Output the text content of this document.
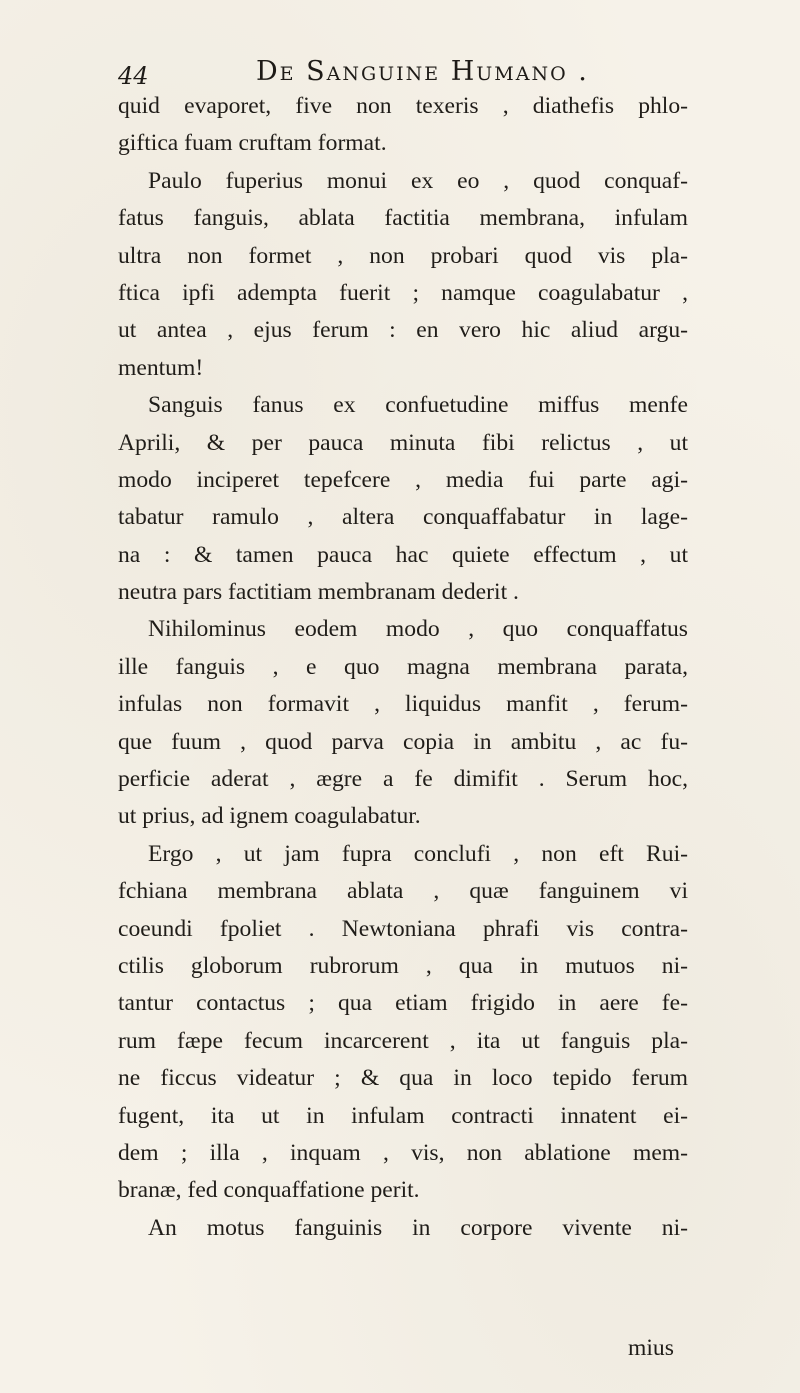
44	De Sanguine Humano .
quid evaporet, five non texeris , diathefis phlo-
giftica fuam cruftam format.
Paulo fuperius monui ex eo , quod conquaf-
fatus fanguis, ablata factitia membrana, infulam
ultra non formet , non probari quod vis pla-
ftica ipfi adempta fuerit ; namque coagulabatur ,
ut antea , ejus ferum : en vero hic aliud argu-
mentum!
Sanguis fanus ex confuetudine miffus menfe
Aprili, & per pauca minuta fibi relictus , ut
modo inciperet tepefcere , media fui parte agi-
tabatur ramulo , altera conquaffabatur in lage-
na : & tamen pauca hac quiete effectum , ut
neutra pars factitiam membranam dederit .
Nihilominus eodem modo , quo conquaffatus
ille fanguis , e quo magna membrana parata,
infulas non formavit , liquidus manfit , ferum-
que fuum , quod parva copia in ambitu , ac fu-
perficie aderat , ægre a fe dimifit . Serum hoc,
ut prius, ad ignem coagulabatur.
Ergo , ut jam fupra conclufi , non eft Rui-
fchiana membrana ablata , quæ fanguinem vi
coeundi fpoliet . Newtoniana phrafi vis contra-
ctilis globorum rubrorum , qua in mutuos ni-
tantur contactus ; qua etiam frigido in aere fe-
rum fæpe fecum incarcerent , ita ut fanguis pla-
ne ficcus videatur ; & qua in loco tepido ferum
fugent, ita ut in infulam contracti innatent ei-
dem ; illa , inquam , vis, non ablatione mem-
branæ, fed conquaffatione perit.
An motus fanguinis in corpore vivente ni-
mius
